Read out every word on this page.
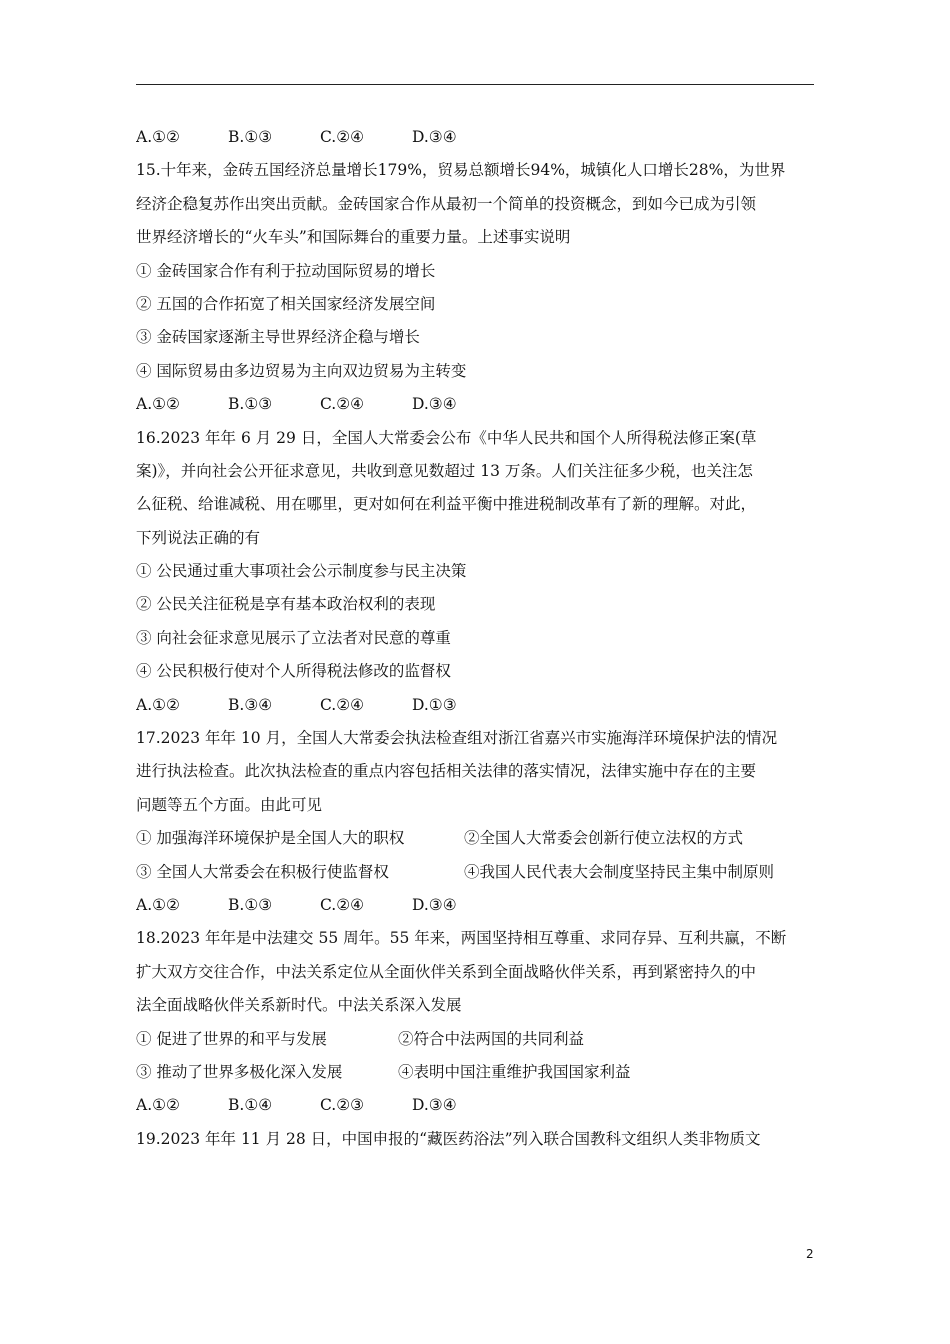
A.①②	B.①③	C.②④	D.③④
15.十年来，金砖五国经济总量增长179%，贸易总额增长94%，城镇化人口增长28%，为世界
经济企稳复苏作出突出贡献。金砖国家合作从最初一个简单的投资概念，到如今已成为引领
世界经济增长的“火车头”和国际舞台的重要力量。上述事实说明
① 金砖国家合作有利于拉动国际贸易的增长
② 五国的合作拓宽了相关国家经济发展空间
③ 金砖国家逐渐主导世界经济企稳与增长
④ 国际贸易由多边贸易为主向双边贸易为主转变
A.①②	B.①③	C.②④	D.③④
16.2023 年年 6 月 29 日，全国人大常委会公布《中华人民共和国个人所得税法修正案(草
案)》，并向社会公开征求意见，共收到意见数超过 13 万条。人们关注征多少税，也关注怎
么征税、给谁减税、用在哪里，更对如何在利益平衡中推进税制改革有了新的理解。对此，
下列说法正确的有
① 公民通过重大事项社会公示制度参与民主决策
② 公民关注征税是享有基本政治权利的表现
③ 向社会征求意见展示了立法者对民意的尊重
④ 公民积极行使对个人所得税法修改的监督权
A.①②	B.③④	C.②④	D.①③
17.2023 年年 10 月，全国人大常委会执法检查组对浙江省嘉兴市实施海洋环境保护法的情况
进行执法检查。此次执法检查的重点内容包括相关法律的落实情况，法律实施中存在的主要
问题等五个方面。由此可见
① 加强海洋环境保护是全国人大的职权	②全国人大常委会创新行使立法权的方式
③ 全国人大常委会在积极行使监督权	④我国人民代表大会制度坚持民主集中制原则
A.①②	B.①③	C.②④	D.③④
18.2023 年年是中法建交 55 周年。55 年来，两国坚持相互尊重、求同存异、互利共赢，不断
扩大双方交往合作，中法关系定位从全面伙伴关系到全面战略伙伴关系，再到紧密持久的中
法全面战略伙伴关系新时代。中法关系深入发展
① 促进了世界的和平与发展	②符合中法两国的共同利益
③ 推动了世界多极化深入发展	④表明中国注重维护我国国家利益
A.①②	B.①④	C.②③	D.③④
19.2023 年年 11 月 28 日，中国申报的“藏医药浴法”列入联合国教科文组织人类非物质文
2
